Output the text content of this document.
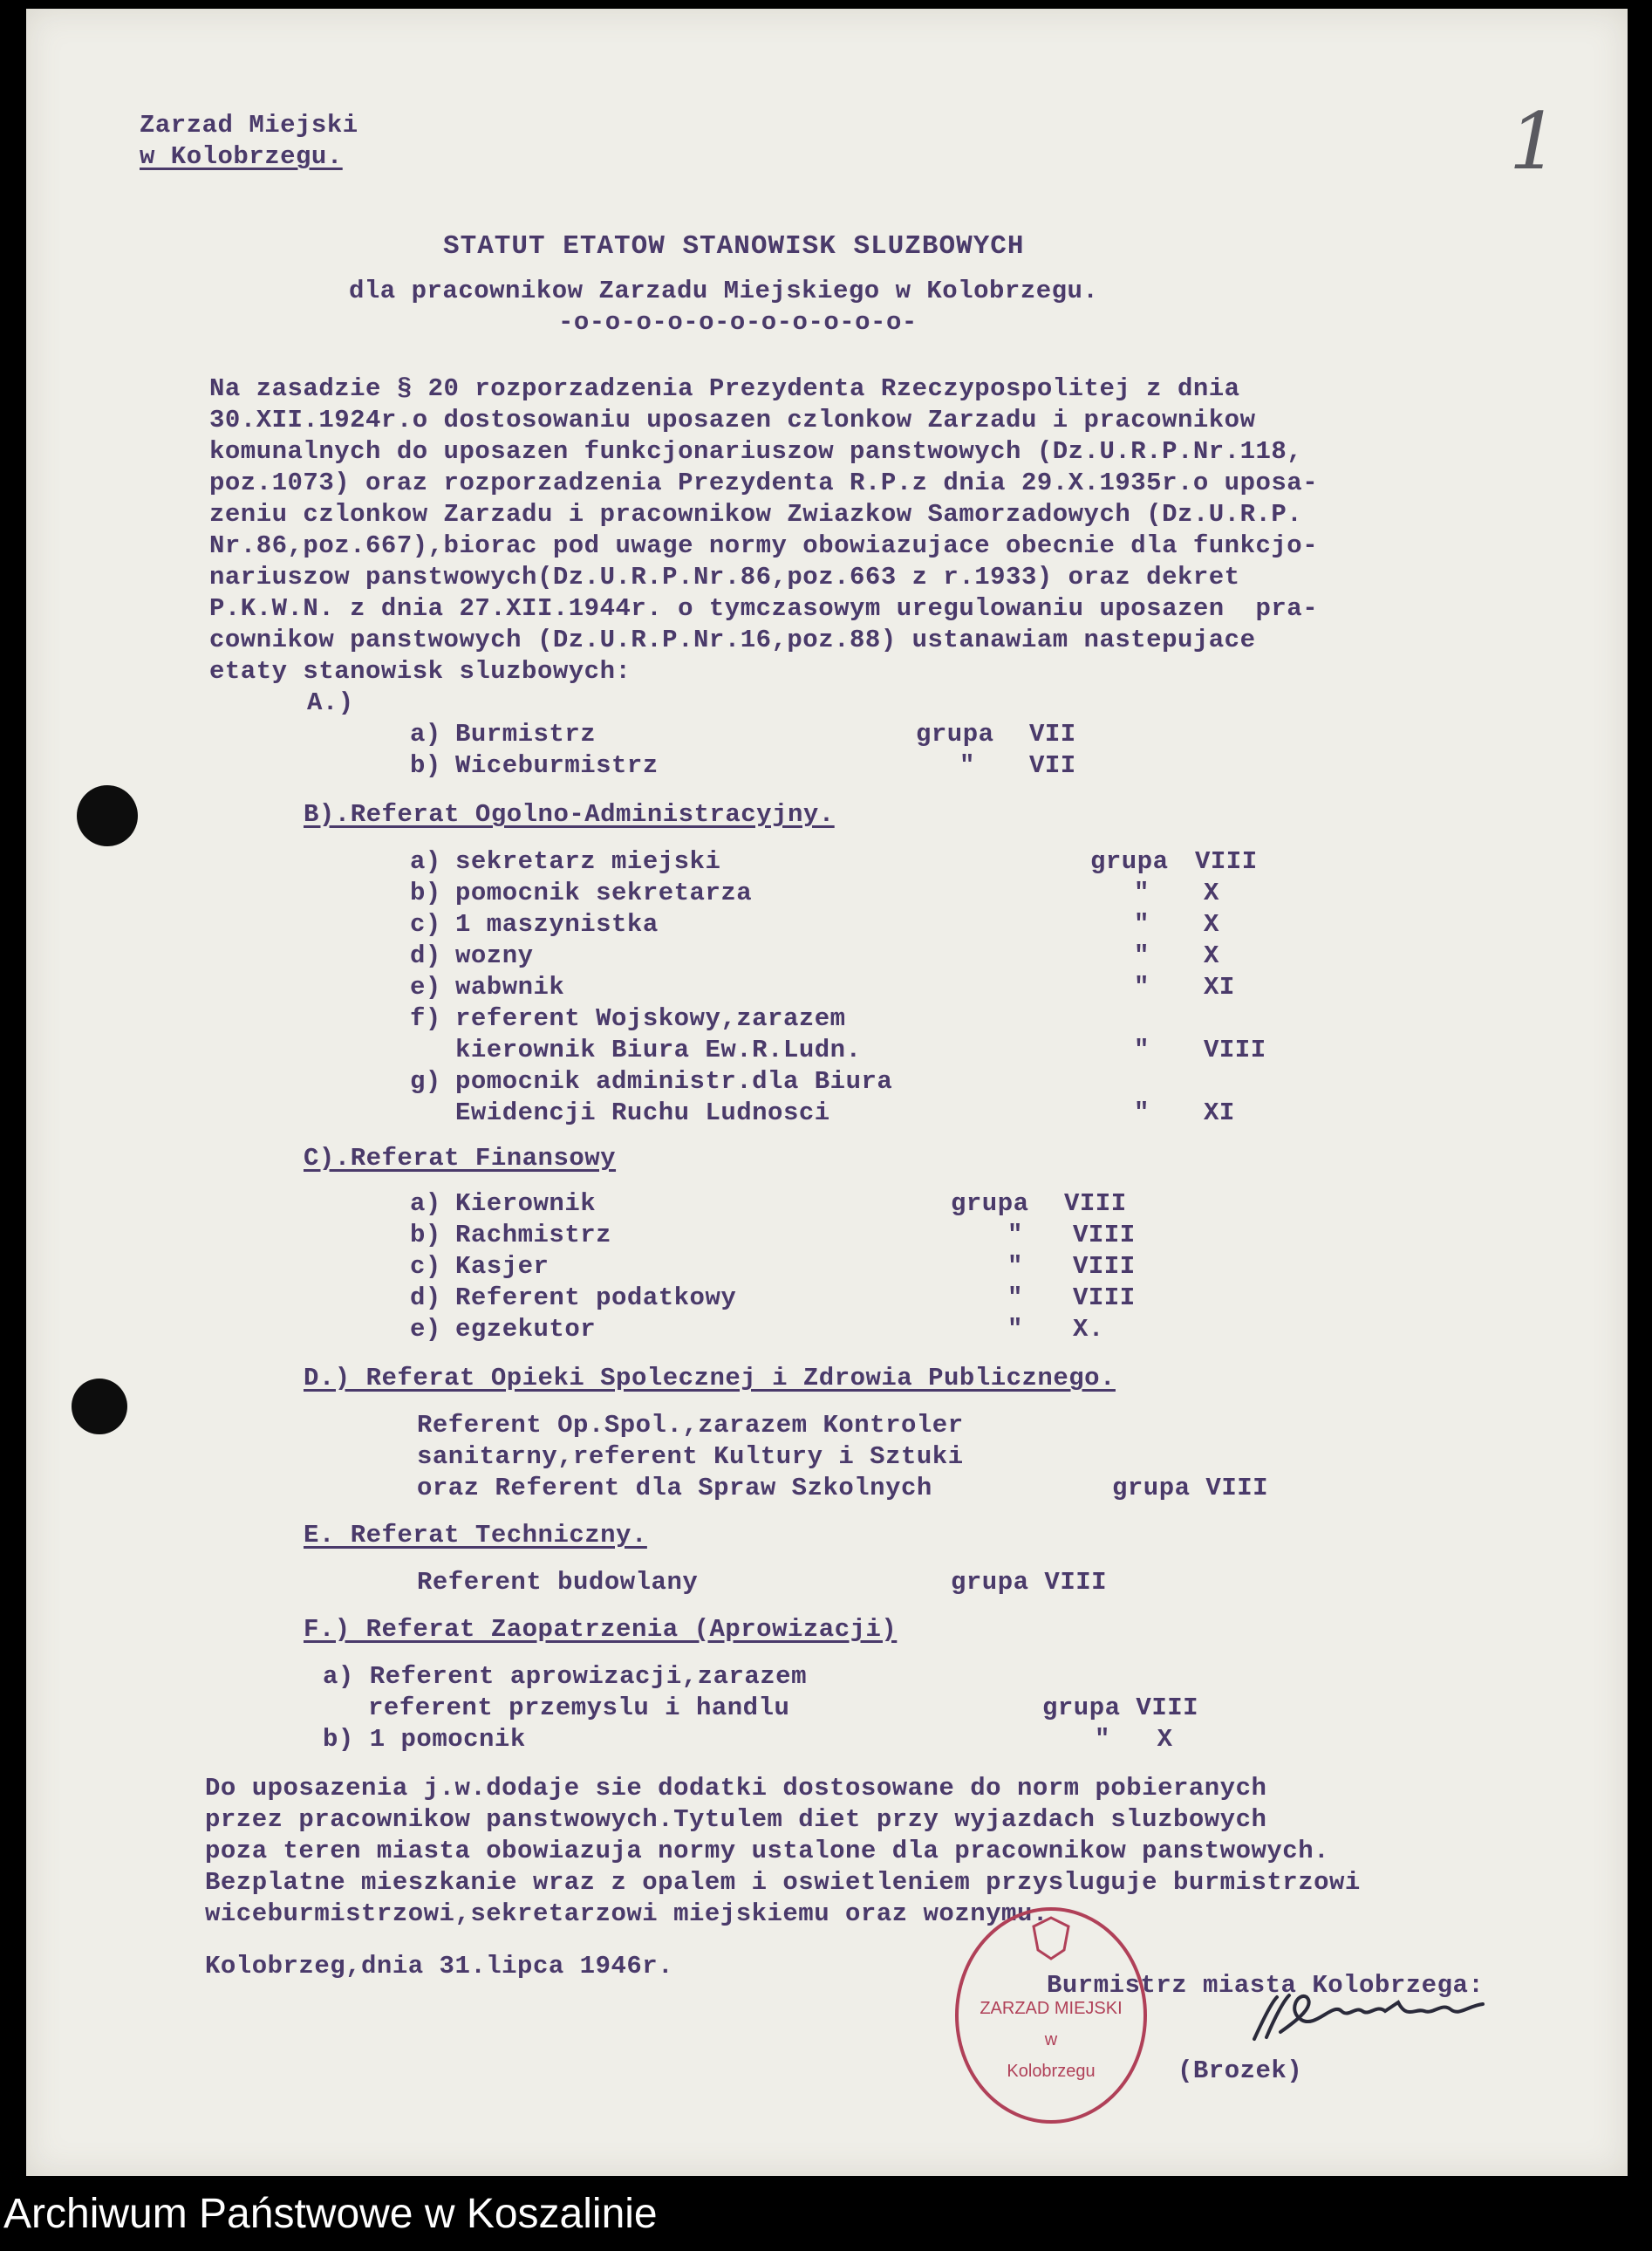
Zarzad Miejski
w Kolobrzegu.	1
STATUT ETATOW STANOWISK SLUZBOWYCH
dla pracownikow Zarzadu Miejskiego w Kolobrzegu.
-o-o-o-o-o-o-o-o-o-o-o-
Na zasadzie § 20 rozporzadzenia Prezydenta Rzeczypospolitej z dnia
30.XII.1924r.o dostosowaniu uposazen czlonkow Zarzadu i pracownikow
komunalnych do uposazen funkcjonariuszow panstwowych (Dz.U.R.P.Nr.118,
poz.1073) oraz rozporzadzenia Prezydenta R.P.z dnia 29.X.1935r.o uposa-
zeniu czlonkow Zarzadu i pracownikow Zwiazkow Samorzadowych (Dz.U.R.P.
Nr.86,poz.667),biorac pod uwage normy obowiazujace obecnie dla funkcjo-
nariuszow panstwowych(Dz.U.R.P.Nr.86,poz.663 z r.1933) oraz dekret
P.K.W.N. z dnia 27.XII.1944r. o tymczasowym uregulowaniu uposazen  pra-
cownikow panstwowych (Dz.U.R.P.Nr.16,poz.88) ustanawiam nastepujace
etaty stanowisk sluzbowych:
A.)
a) Burmistrz	grupa VII
b) Wiceburmistrz	" VII
B).Referat Ogolno-Administracyjny.
a) sekretarz miejski	grupa VIII
b) pomocnik sekretarza	" X
c) 1 maszynistka	" X
d) wozny	" X
e) wabwnik	" XI
f) referent Wojskowy,zarazem
kierownik Biura Ew.R.Ludn.	" VIII
g) pomocnik administr.dla Biura
Ewidencji Ruchu Ludnosci	" XI
C).Referat Finansowy
a) Kierownik	grupa VIII
b) Rachmistrz	" VIII
c) Kasjer	" VIII
d) Referent podatkowy	" VIII
e) egzekutor	" X.
D.) Referat Opieki Spolecznej i Zdrowia Publicznego.
Referent Op.Spol.,zarazem Kontroler
sanitarny,referent Kultury i Sztuki
oraz Referent dla Spraw Szkolnych	grupa VIII
E. Referat Techniczny.
Referent budowlany	grupa VIII
F.) Referat Zaopatrzenia (Aprowizacji)
a) Referent aprowizacji,zarazem
referent przemyslu i handlu	grupa VIII
b) 1 pomocnik	"   X
Do uposazenia j.w.dodaje sie dodatki dostosowane do norm pobieranych
przez pracownikow panstwowych.Tytulem diet przy wyjazdach sluzbowych
poza teren miasta obowiazuja normy ustalone dla pracownikow panstwowych.
Bezplatne mieszkanie wraz z opalem i oswietleniem przysluguje burmistrzowi
wiceburmistrzowi,sekretarzowi miejskiemu oraz woznymu.
Kolobrzeg,dnia 31.lipca 1946r.
Burmistrz miasta Kolobrzega:
(Brozek)
ZARZAD MIEJSKI
w
Kolobrzegu
Archiwum Państwowe w Koszalinie
